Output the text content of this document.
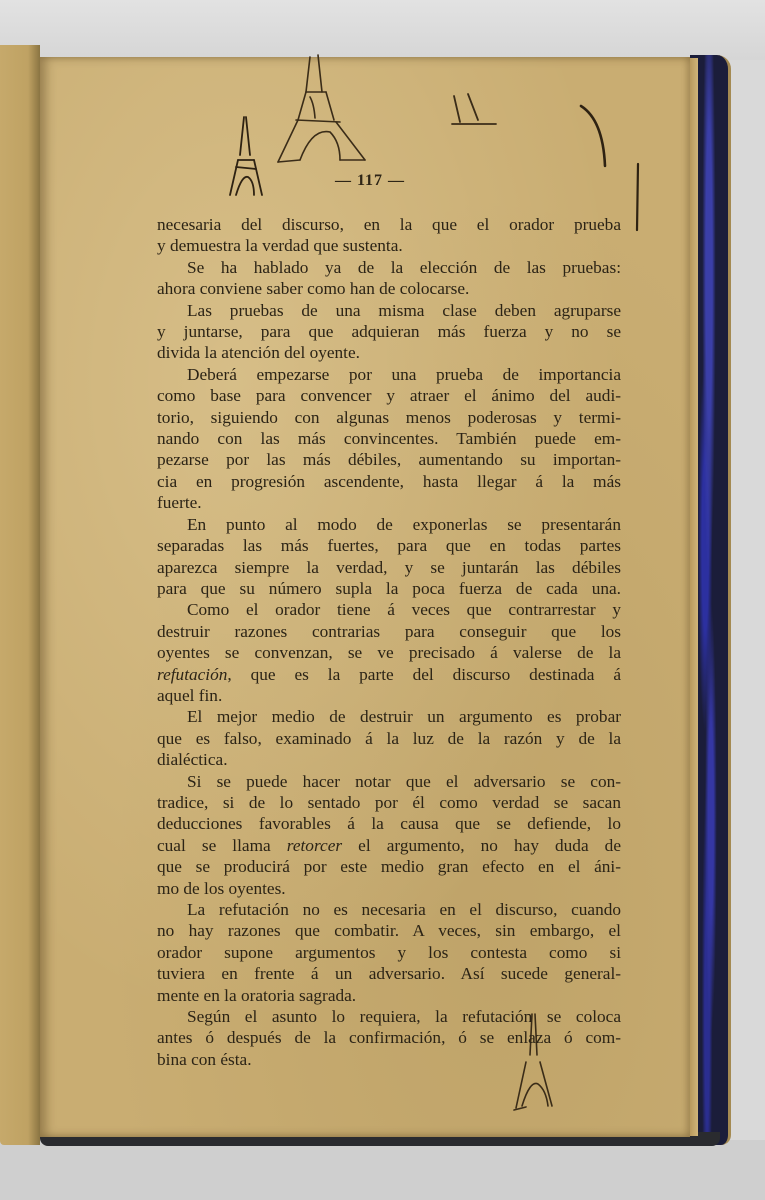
— 117 —
necesaria del discurso, en la que el orador prueba
y demuestra la verdad que sustenta.
Se ha hablado ya de la elección de las pruebas:
ahora conviene saber como han de colocarse.
Las pruebas de una misma clase deben agruparse
y juntarse, para que adquieran más fuerza y no se
divida la atención del oyente.
Deberá empezarse por una prueba de importancia
como base para convencer y atraer el ánimo del audi-
torio, siguiendo con algunas menos poderosas y termi-
nando con las más convincentes. También puede em-
pezarse por las más débiles, aumentando su importan-
cia en progresión ascendente, hasta llegar á la más
fuerte.
En punto al modo de exponerlas se presentarán
separadas las más fuertes, para que en todas partes
aparezca siempre la verdad, y se juntarán las débiles
para que su número supla la poca fuerza de cada una.
Como el orador tiene á veces que contrarrestar y
destruir razones contrarias para conseguir que los
oyentes se convenzan, se ve precisado á valerse de la
refutación, que es la parte del discurso destinada á
aquel fin.
El mejor medio de destruir un argumento es probar
que es falso, examinado á la luz de la razón y de la
dialéctica.
Si se puede hacer notar que el adversario se con-
tradice, si de lo sentado por él como verdad se sacan
deducciones favorables á la causa que se defiende, lo
cual se llama retorcer el argumento, no hay duda de
que se producirá por este medio gran efecto en el áni-
mo de los oyentes.
La refutación no es necesaria en el discurso, cuando
no hay razones que combatir. A veces, sin embargo, el
orador supone argumentos y los contesta como si
tuviera en frente á un adversario. Así sucede general-
mente en la oratoria sagrada.
Según el asunto lo requiera, la refutación se coloca
antes ó después de la confirmación, ó se enlaza ó com-
bina con ésta.
